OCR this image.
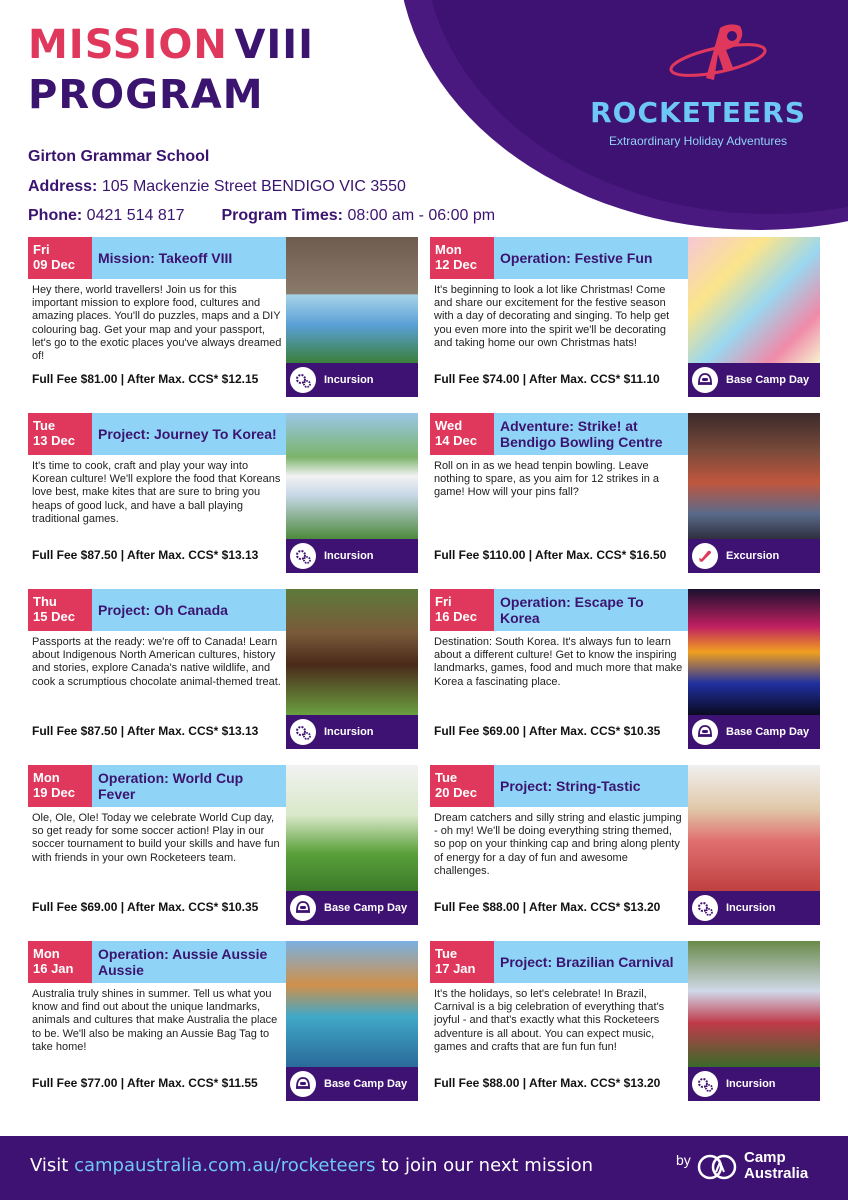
ROCKETEERS
Extraordinary Holiday Adventures
MISSION VIII
PROGRAM
Girton Grammar School
Address: 105 Mackenzie Street BENDIGO VIC 3550
Phone: 0421 514 817 Program Times: 08:00 am - 06:00 pm
Fri
09 Dec	Mission: Takeoff VIII
Hey there, world travellers! Join us for this important mission to explore food, cultures and amazing places. You'll do puzzles, maps and a DIY colouring bag. Get your map and your passport, let's go to the exotic places you've always dreamed of!
Full Fee $81.00 | After Max. CCS* $12.15	Incursion
Mon
12 Dec	Operation: Festive Fun
It's beginning to look a lot like Christmas! Come and share our excitement for the festive season with a day of decorating and singing. To help get you even more into the spirit we'll be decorating and taking home our own Christmas hats!
Full Fee $74.00 | After Max. CCS* $11.10	Base Camp Day
Tue
13 Dec	Project: Journey To Korea!
It's time to cook, craft and play your way into Korean culture! We'll explore the food that Koreans love best, make kites that are sure to bring you heaps of good luck, and have a ball playing traditional games.
Full Fee $87.50 | After Max. CCS* $13.13	Incursion
Wed
14 Dec
Adventure: Strike! at Bendigo Bowling Centre
Roll on in as we head tenpin bowling. Leave nothing to spare, as you aim for 12 strikes in a game! How will your pins fall?
Full Fee $110.00 | After Max. CCS* $16.50	Excursion
Thu
15 Dec	Project: Oh Canada
Passports at the ready: we're off to Canada! Learn about Indigenous North American cultures, history and stories, explore Canada's native wildlife, and cook a scrumptious chocolate animal-themed treat.
Full Fee $87.50 | After Max. CCS* $13.13	Incursion
Fri
16 Dec
Operation: Escape To Korea
Destination: South Korea. It's always fun to learn about a different culture! Get to know the inspiring landmarks, games, food and much more that make Korea a fascinating place.
Full Fee $69.00 | After Max. CCS* $10.35	Base Camp Day
Mon
19 Dec
Operation: World Cup Fever
Ole, Ole, Ole! Today we celebrate World Cup day, so get ready for some soccer action! Play in our soccer tournament to build your skills and have fun with friends in your own Rocketeers team.
Full Fee $69.00 | After Max. CCS* $10.35	Base Camp Day
Tue
20 Dec	Project: String-Tastic
Dream catchers and silly string and elastic jumping - oh my! We'll be doing everything string themed, so pop on your thinking cap and bring along plenty of energy for a day of fun and awesome challenges.
Full Fee $88.00 | After Max. CCS* $13.20	Incursion
Mon
16 Jan
Operation: Aussie Aussie Aussie
Australia truly shines in summer. Tell us what you know and find out about the unique landmarks, animals and cultures that make Australia the place to be. We'll also be making an Aussie Bag Tag to take home!
Full Fee $77.00 | After Max. CCS* $11.55	Base Camp Day
Tue
17 Jan	Project: Brazilian Carnival
It's the holidays, so let's celebrate! In Brazil, Carnival is a big celebration of everything that's joyful - and that's exactly what this Rocketeers adventure is all about. You can expect music, games and crafts that are fun fun fun!
Full Fee $88.00 | After Max. CCS* $13.20	Incursion
Visit campaustralia.com.au/rocketeers to join our next mission	by	Camp
Australia
